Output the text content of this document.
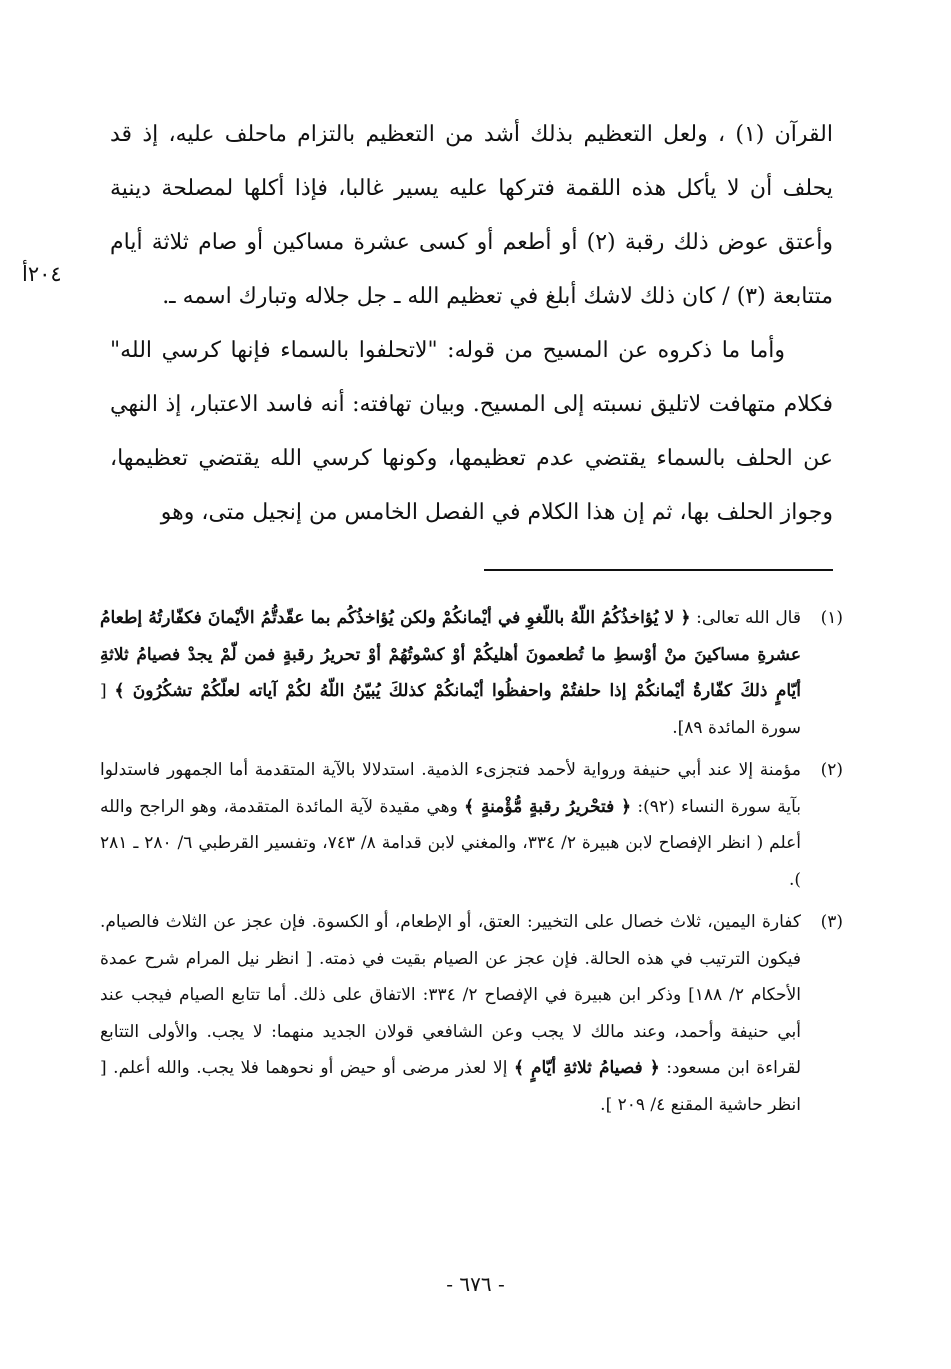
٢٠٤أ

القرآن (١) ، ولعل التعظيم بذلك أشد من التعظيم بالتزام ماحلف عليه، إذ قد يحلف أن لا يأكل هذه اللقمة فتركها عليه يسير غالبا، فإذا أكلها لمصلحة دينية وأعتق عوض ذلك رقبة (٢) أو أطعم أو كسى عشرة مساكين أو صام ثلاثة أيام متتابعة (٣) / كان ذلك لاشك أبلغ في تعظيم الله ـ جل جلاله وتبارك اسمه ـ.

وأما ما ذكروه عن المسيح من قوله: "لاتحلفوا بالسماء فإنها كرسي الله" فكلام متهافت لاتليق نسبته إلى المسيح. وبيان تهافته: أنه فاسد الاعتبار، إذ النهي عن الحلف بالسماء يقتضي عدم تعظيمها، وكونها كرسي الله يقتضي تعظيمها، وجواز الحلف بها، ثم إن هذا الكلام في الفصل الخامس من إنجيل متى، وهو

(١)
قال الله تعالى: ﴿ لا يُؤاخذُكُمُ اللّهُ باللّغوِ في أيْمانكُمْ ولكن يُؤاخذُكُم بما عقّدتُّمُ الأيْمانَ فكفّارتُهُ إطعامُ عشرةِ مساكينَ منْ أوْسطِ ما تُطعمونَ أهليكُمْ أوْ كسْوتُهُمْ أوْ تحريرُ رقبةٍ فمن لّمْ يجدْ فصيامُ ثلاثةِ أيّامٍ ذلكَ كفّارةُ أيْمانكُمْ إذا حلفتُمْ واحفظُوا أيْمانكُمْ كذلكَ يُبيّنُ اللّهُ لكُمْ آياته لعلّكُمْ تشكُرُونَ ﴾ [ سورة المائدة ٨٩].
(٢)
مؤمنة إلا عند أبي حنيفة ورواية لأحمد فتجزىء الذمية. استدلالا بالآية المتقدمة أما الجمهور فاستدلوا بآية سورة النساء (٩٢): ﴿ فتحْريرُ رقبةٍ مُّؤْمنةٍ ﴾ وهي مقيدة لآية المائدة المتقدمة، وهو الراجح والله أعلم ( انظر الإفصاح لابن هبيرة ٢/ ٣٣٤، والمغني لابن قدامة ٨/ ٧٤٣، وتفسير القرطبي ٦/ ٢٨٠ ـ ٢٨١ ).
(٣)
كفارة اليمين، ثلاث خصال على التخيير: العتق، أو الإطعام، أو الكسوة. فإن عجز عن الثلاث فالصيام. فيكون الترتيب في هذه الحالة. فإن عجز عن الصيام بقيت في ذمته. [ انظر نيل المرام شرح عمدة الأحكام ٢/ ١٨٨] وذكر ابن هبيرة في الإفصاح ٢/ ٣٣٤: الاتفاق على ذلك. أما تتابع الصيام فيجب عند أبي حنيفة وأحمد، وعند مالك لا يجب وعن الشافعي قولان الجديد منهما: لا يجب. والأولى التتابع لقراءة ابن مسعود: ﴿ فصيامُ ثلاثةِ أيّامٍ ﴾ إلا لعذر مرضى أو حيض أو نحوهما فلا يجب. والله أعلم. [ انظر حاشية المقنع ٤/ ٢٠٩ ].
- ٦٧٦ -
